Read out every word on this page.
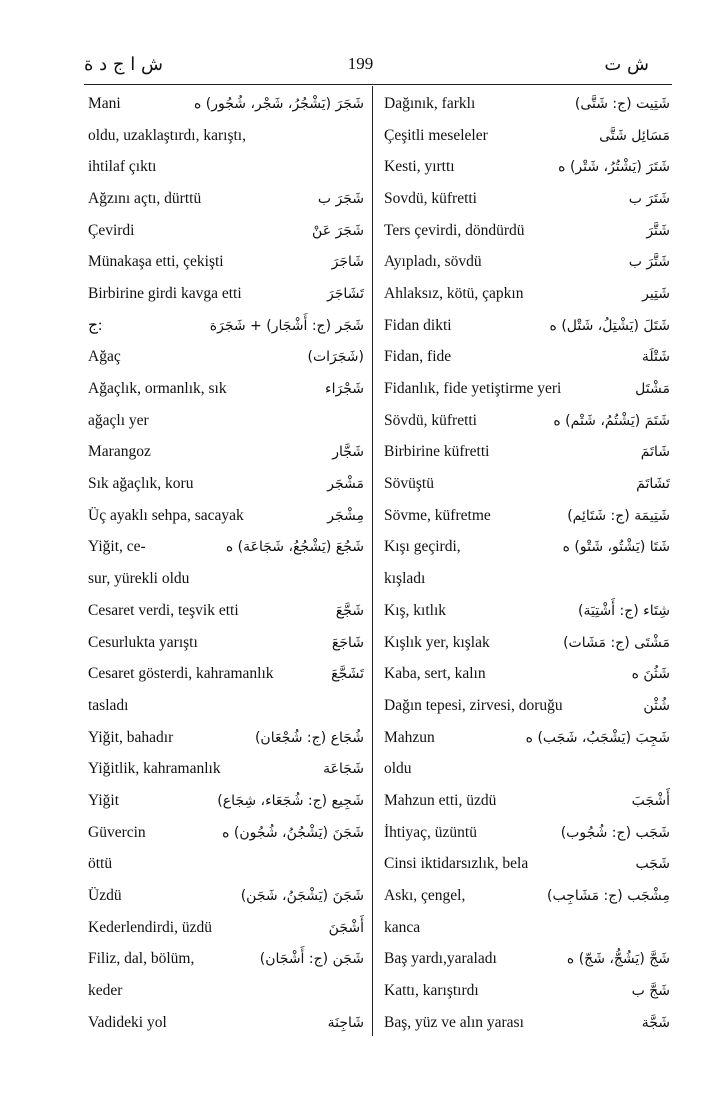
ش ا ج د ة	199	ش ت
Mani	ﺷَﺠَﺮَ (ﻳَﺸْﺠُﺮُ، ﺷَﺠْﺮ، ﺷُﺠُﻮﺭ) ه
oldu, uzaklaştırdı, karıştı,
ihtilaf çıktı
Ağzını açtı, dürttü	ﺷَﺠَﺮَ ﺏ
Çevirdi	ﺷَﺠَﺮَ ﻋَﻦْ
Münakaşa etti, çekişti	ﺷَﺎﺟَﺮَ
Birbirine girdi kavga etti	ﺗَﺸَﺎﺟَﺮَ
ج:	ﺷَﺠَﺮ (ج: ﺃَﺷْﺠَﺎﺭ) + ﺷَﺠَﺮَﺓ
Ağaç	(ﺷَﺠَﺮَﺍﺕ)
Ağaçlık, ormanlık, sık	ﺷَﺠْﺮَﺍﺀ
ağaçlı yer
Marangoz	ﺷَﺠَّﺎﺭ
Sık ağaçlık, koru	ﻣَﺸْﺠَﺮ
Üç ayaklı sehpa, sacayak	ﻣِﺸْﺠَﺮ
Yiğit, ce-	ﺷَﺠُﻊَ (ﻳَﺸْﺠُﻊُ، ﺷَﺠَﺎﻋَﺔ) ه
sur, yürekli oldu
Cesaret verdi, teşvik etti	ﺷَﺠَّﻊَ
Cesurlukta yarıştı	ﺷَﺎﺟَﻊَ
Cesaret gösterdi, kahramanlık	ﺗَﺸَﺠَّﻊَ
tasladı
Yiğit, bahadır	ﺷُﺠَﺎﻉ (ج: ﺷُﺠْﻌَﺎﻥ)
Yiğitlik, kahramanlık	ﺷَﺠَﺎﻋَﺔ
Yiğit	ﺷَﺠِﻴﻊ (ج: ﺷُﺠَﻌَﺎﺀ، ﺷِﺠَﺎﻉ)
Güvercin	ﺷَﺠَﻦَ (ﻳَﺸْﺠُﻦُ، ﺷُﺠُﻮﻥ) ه
öttü
Üzdü	ﺷَﺠَﻦَ (ﻳَﺸْﺠَﻦُ، ﺷَﺠَﻦ)
Kederlendirdi, üzdü	ﺃَﺷْﺠَﻦَ
Filiz, dal, bölüm,	ﺷَﺠَﻦ (ج: ﺃَﺷْﺠَﺎﻥ)
keder
Vadideki yol	ﺷَﺎﺟِﻨَﺔ
Dağınık, farklı	ﺷَﺘِﻴﺖ (ج: ﺷَﺘَّﻰ)
Çeşitli meseleler	ﻣَﺴَﺎﺋِﻞ ﺷَﺘَّﻰ
Kesti, yırttı	ﺷَﺘَﺮَ (ﻳَﺸْﺘُﺮُ، ﺷَﺘْﺮ) ه
Sovdü, küfretti	ﺷَﺘَﺮَ ﺏ
Ters çevirdi, döndürdü	ﺷَﺘَّﺮَ
Ayıpladı, sövdü	ﺷَﺘَّﺮَ ﺏ
Ahlaksız, kötü, çapkın	ﺷَﺘِﻴﺮ
Fidan dikti	ﺷَﺘَﻞَ (ﻳَﺸْﺘِﻞُ، ﺷَﺘْﻞ) ه
Fidan, fide	ﺷَﺘْﻠَﺔ
Fidanlık, fide yetiştirme yeri	ﻣَﺸْﺘَﻞ
Sövdü, küfretti	ﺷَﺘَﻢَ (ﻳَﺸْﺘُﻢُ، ﺷَﺘْﻢ) ه
Birbirine küfretti	ﺷَﺎﺗَﻢَ
Sövüştü	ﺗَﺸَﺎﺗَﻢَ
Sövme, küfretme	ﺷَﺘِﻴﻤَﺔ (ج: ﺷَﺘَﺎﺋِﻢ)
Kışı geçirdi,	ﺷَﺘَﺎ (ﻳَﺸْﺘُﻮ، ﺷَﺘْﻮ) ه
kışladı
Kış, kıtlık	ﺷِﺘَﺎﺀ (ج: ﺃَﺷْﺘِﻴَﺔ)
Kışlık yer, kışlak	ﻣَﺸْﺘَﻰ (ج: ﻣَﺸَﺎﺕ)
Kaba, sert, kalın	ﺷَﺜُﻦَ ه
Dağın tepesi, zirvesi, doruğu	ﺷُﺜْﻦ
Mahzun	ﺷَﺠِﺐَ (ﻳَﺸْﺠَﺐُ، ﺷَﺠَﺐ) ه
oldu
Mahzun etti, üzdü	ﺃَﺷْﺠَﺐَ
İhtiyaç, üzüntü	ﺷَﺠَﺐ (ج: ﺷُﺠُﻮﺏ)
Cinsi iktidarsızlık, bela	ﺷَﺠَﺐ
Askı, çengel,	ﻣِﺸْﺠَﺐ (ج: ﻣَﺸَﺎﺟِﺐ)
kanca
Baş yardı,yaraladı	ﺷَﺞَّ (ﻳَﺸُﺞُّ، ﺷَﺞّ) ه
Kattı, karıştırdı	ﺷَﺞَّ ﺏ
Baş, yüz ve alın yarası	ﺷَﺠَّﺔ
